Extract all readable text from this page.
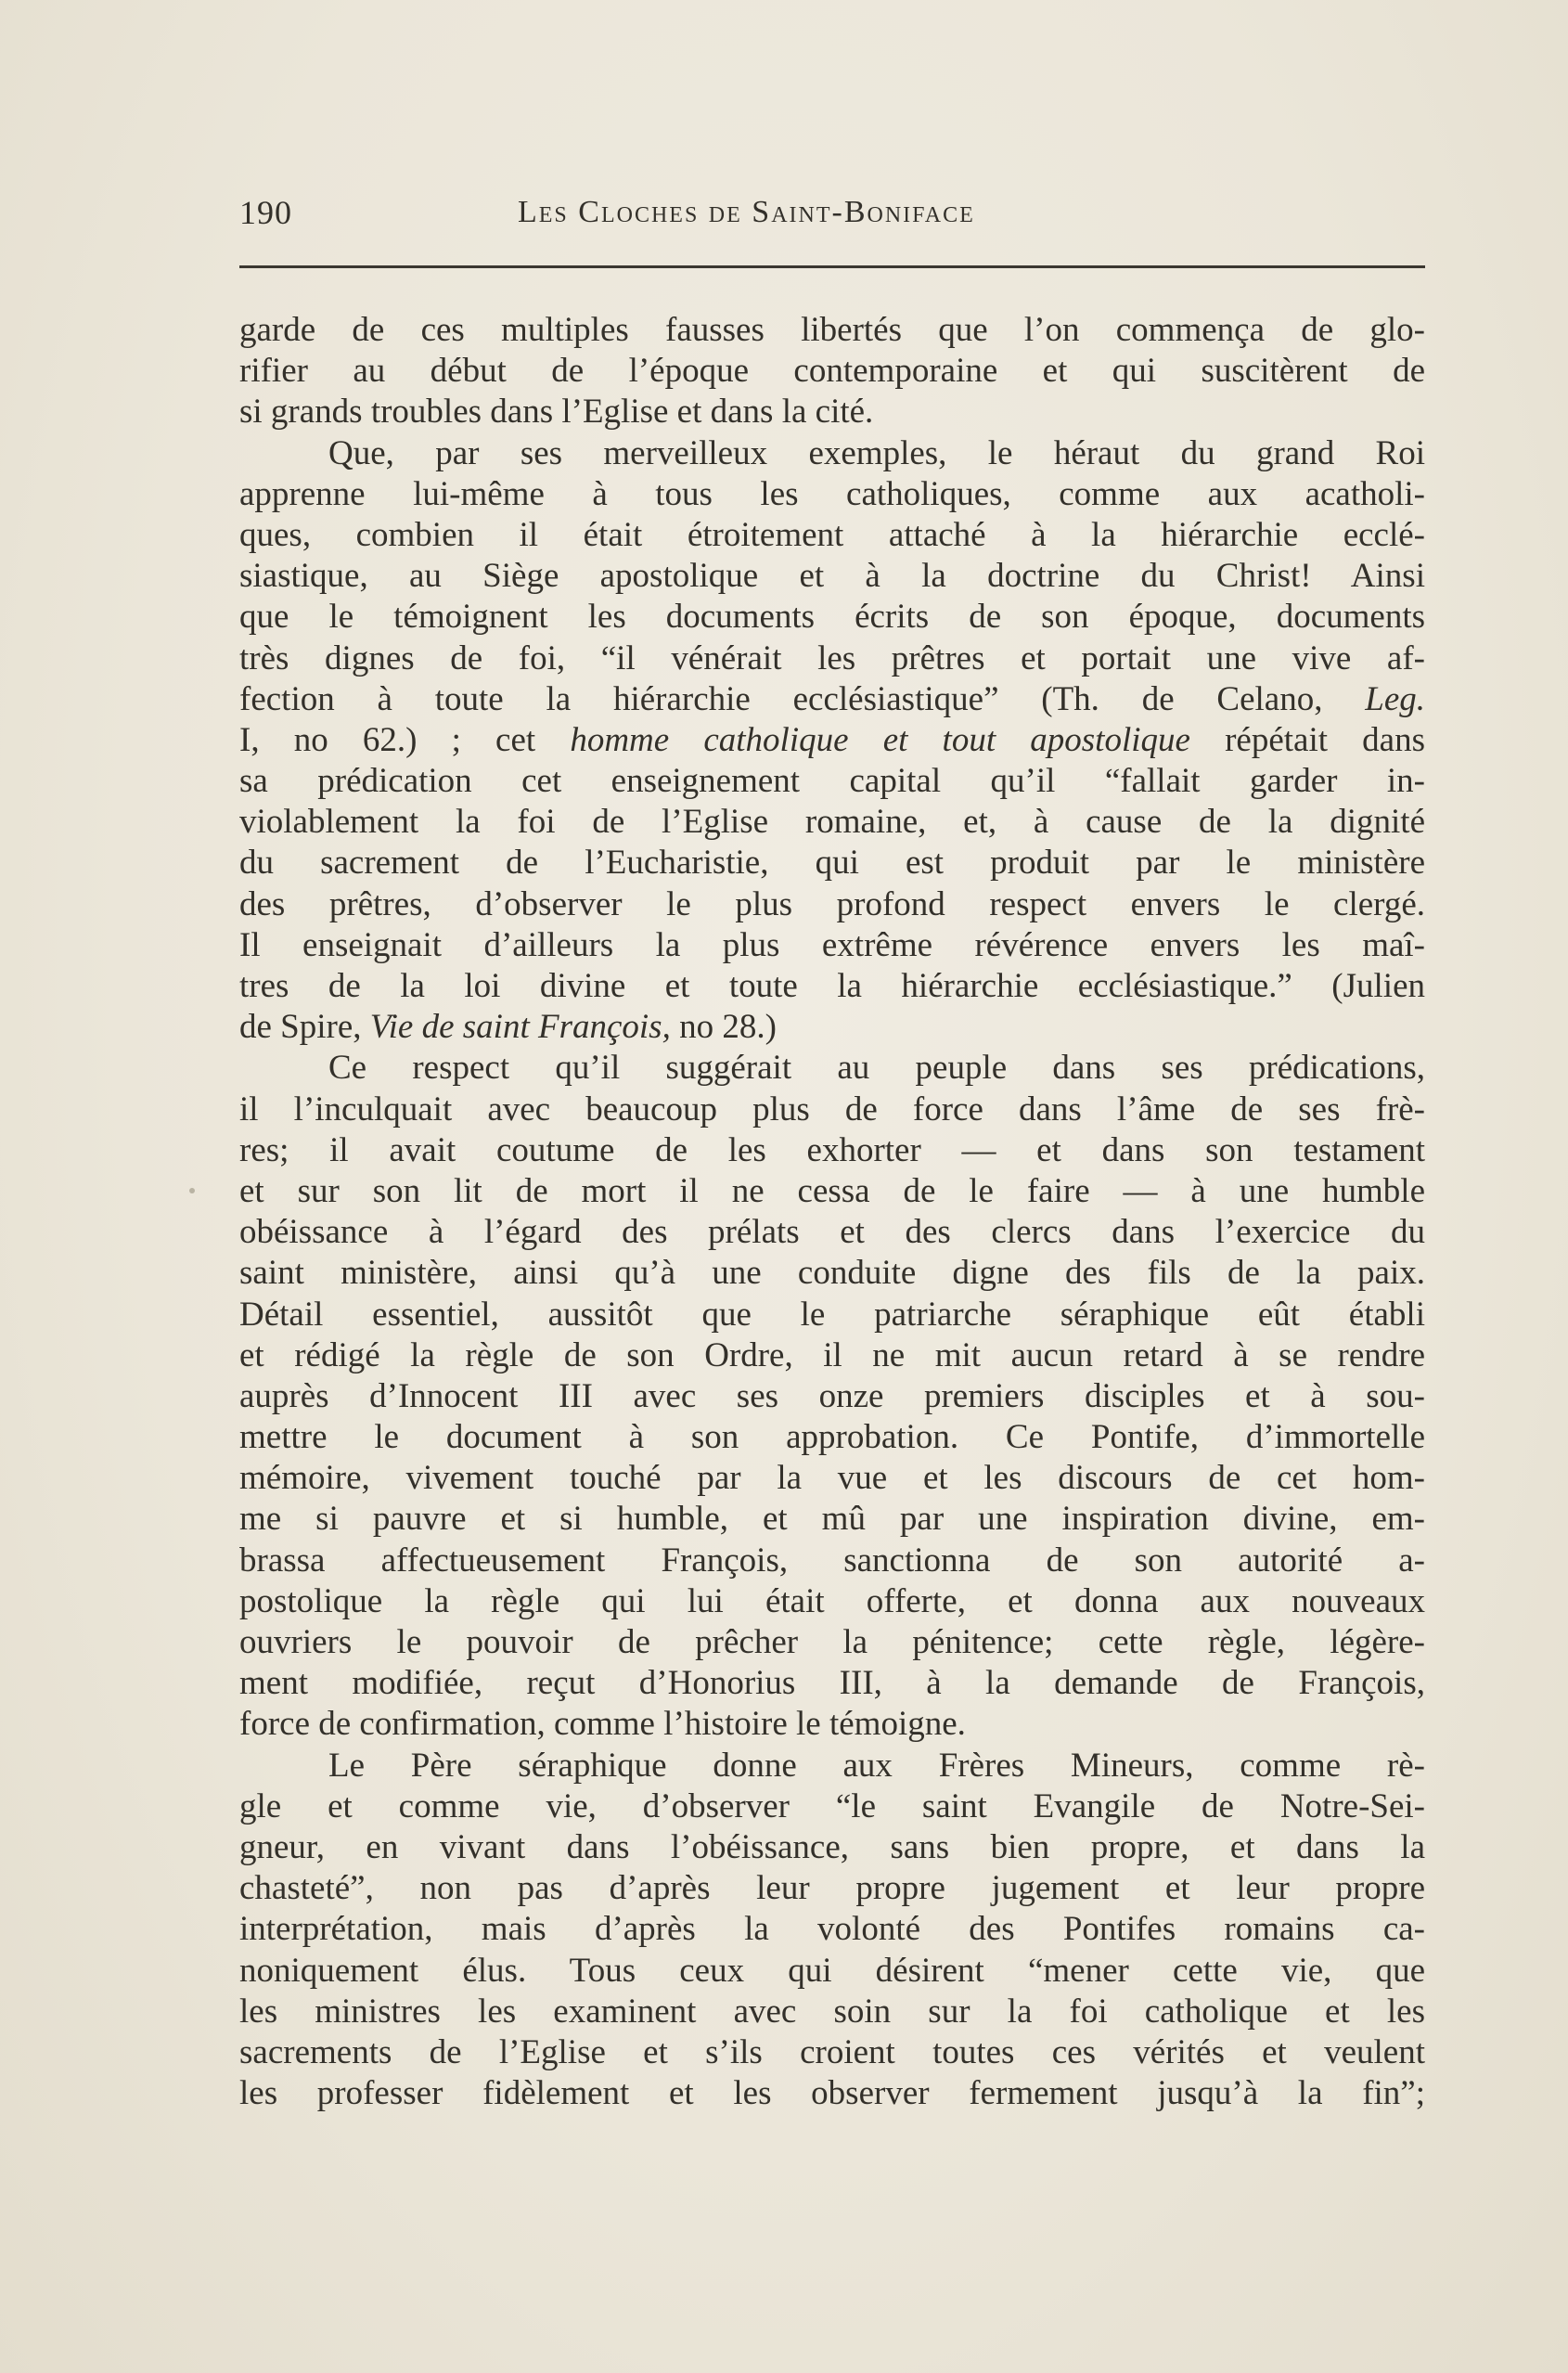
190	Les Cloches de Saint-Boniface
garde de ces multiples fausses libertés que l’on commença de glo-
rifier au début de l’époque contemporaine et qui suscitèrent de
si grands troubles dans l’Eglise et dans la cité.
Que, par ses merveilleux exemples, le héraut du grand Roi
apprenne lui-même à tous les catholiques, comme aux acatholi-
ques, combien il était étroitement attaché à la hiérarchie ecclé-
siastique, au Siège apostolique et à la doctrine du Christ! Ainsi
que le témoignent les documents écrits de son époque, documents
très dignes de foi, “il vénérait les prêtres et portait une vive af-
fection à toute la hiérarchie ecclésiastique” (Th. de Celano, Leg.
I, no 62.) ; cet homme catholique et tout apostolique répétait dans
sa prédication cet enseignement capital qu’il “fallait garder in-
violablement la foi de l’Eglise romaine, et, à cause de la dignité
du sacrement de l’Eucharistie, qui est produit par le ministère
des prêtres, d’observer le plus profond respect envers le clergé.
Il enseignait d’ailleurs la plus extrême révérence envers les maî-
tres de la loi divine et toute la hiérarchie ecclésiastique.” (Julien
de Spire, Vie de saint François, no 28.)
Ce respect qu’il suggérait au peuple dans ses prédications,
il l’inculquait avec beaucoup plus de force dans l’âme de ses frè-
res; il avait coutume de les exhorter — et dans son testament
et sur son lit de mort il ne cessa de le faire — à une humble
obéissance à l’égard des prélats et des clercs dans l’exercice du
saint ministère, ainsi qu’à une conduite digne des fils de la paix.
Détail essentiel, aussitôt que le patriarche séraphique eût établi
et rédigé la règle de son Ordre, il ne mit aucun retard à se rendre
auprès d’Innocent III avec ses onze premiers disciples et à sou-
mettre le document à son approbation. Ce Pontife, d’immortelle
mémoire, vivement touché par la vue et les discours de cet hom-
me si pauvre et si humble, et mû par une inspiration divine, em-
brassa affectueusement François, sanctionna de son autorité a-
postolique la règle qui lui était offerte, et donna aux nouveaux
ouvriers le pouvoir de prêcher la pénitence; cette règle, légère-
ment modifiée, reçut d’Honorius III, à la demande de François,
force de confirmation, comme l’histoire le témoigne.
Le Père séraphique donne aux Frères Mineurs, comme rè-
gle et comme vie, d’observer “le saint Evangile de Notre-Sei-
gneur, en vivant dans l’obéissance, sans bien propre, et dans la
chasteté”, non pas d’après leur propre jugement et leur propre
interprétation, mais d’après la volonté des Pontifes romains ca-
noniquement élus. Tous ceux qui désirent “mener cette vie, que
les ministres les examinent avec soin sur la foi catholique et les
sacrements de l’Eglise et s’ils croient toutes ces vérités et veulent
les professer fidèlement et les observer fermement jusqu’à la fin”;
